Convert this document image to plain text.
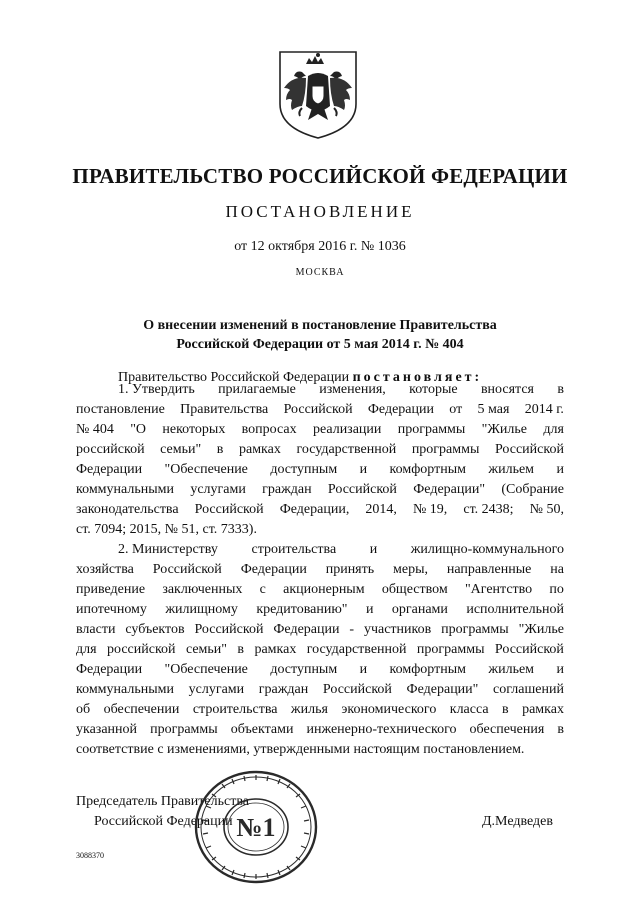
ПРАВИТЕЛЬСТВО РОССИЙСКОЙ ФЕДЕРАЦИИ
ПОСТАНОВЛЕНИЕ
от 12 октября 2016 г. № 1036
МОСКВА
О внесении изменений в постановление Правительства
Российской Федерации от 5 мая 2014 г. № 404
Правительство Российской Федерации постановляет:
1. Утвердить прилагаемые изменения, которые вносятся в
постановление Правительства Российской Федерации от 5 мая 2014 г.
№ 404 "О некоторых вопросах реализации программы "Жилье для
российской семьи" в рамках государственной программы Российской
Федерации "Обеспечение доступным и комфортным жильем и
коммунальными услугами граждан Российской Федерации" (Собрание
законодательства Российской Федерации, 2014, № 19, ст. 2438; № 50,
ст. 7094; 2015, № 51, ст. 7333).
2. Министерству строительства и жилищно-коммунального
хозяйства Российской Федерации принять меры, направленные на
приведение заключенных с акционерным обществом "Агентство по
ипотечному жилищному кредитованию" и органами исполнительной
власти субъектов Российской Федерации - участников программы "Жилье
для российской семьи" в рамках государственной программы Российской
Федерации "Обеспечение доступным и комфортным жильем и
коммунальными услугами граждан Российской Федерации" соглашений
об обеспечении строительства жилья экономического класса в рамках
указанной программы объектами инженерно-технического обеспечения в
соответствие с изменениями, утвержденными настоящим постановлением.
Председатель Правительства
Российской Федерации	Д.Медведев
№1
3088370
